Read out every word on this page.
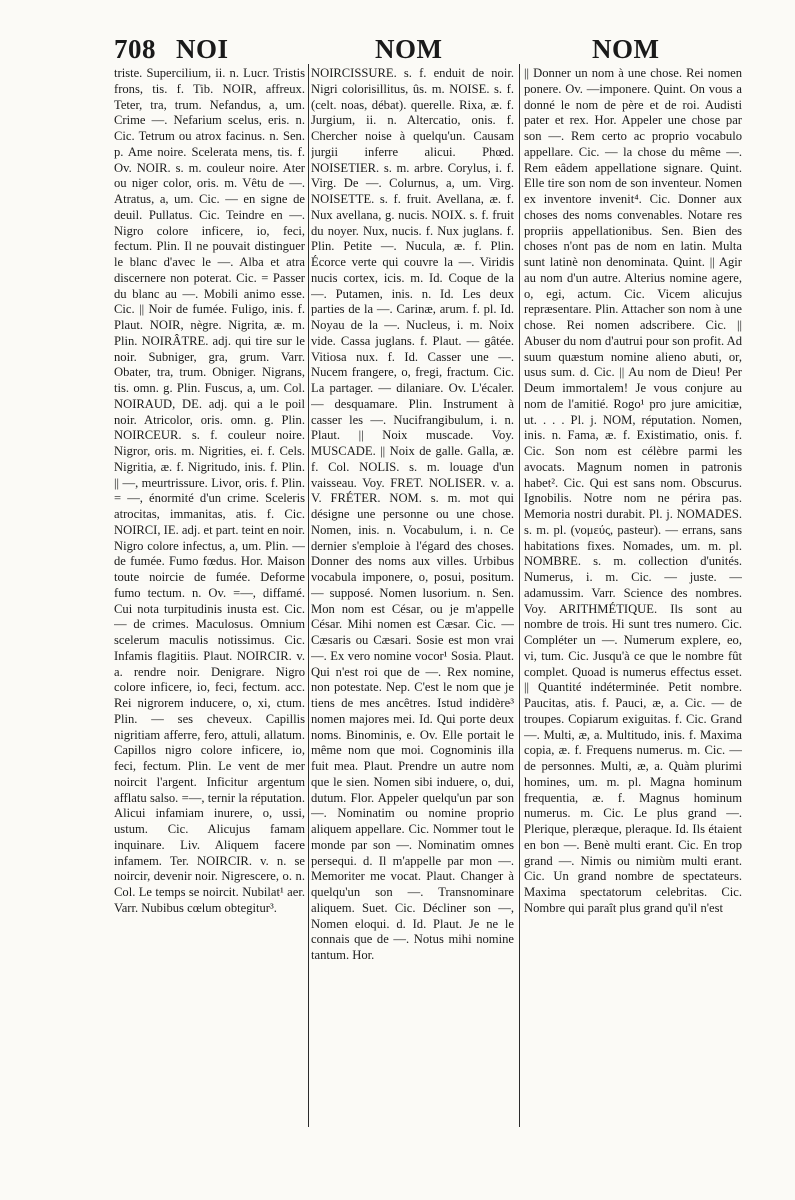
708 NOI	NOM	NOM

triste. Supercilium, ii. n. Lucr. Tristis frons, tis. f. Tib. NOIR, affreux. Teter, tra, trum. Nefandus, a, um. Crime —. Nefarium scelus, eris. n. Cic. Tetrum ou atrox facinus. n. Sen. p. Ame noire. Scelerata mens, tis. f. Ov. NOIR. s. m. couleur noire. Ater ou niger color, oris. m. Vêtu de —. Atratus, a, um. Cic. — en signe de deuil. Pullatus. Cic. Teindre en —. Nigro colore inficere, io, feci, fectum. Plin. Il ne pouvait distinguer le blanc d'avec le —. Alba et atra discernere non poterat. Cic. = Passer du blanc au —. Mobili animo esse. Cic. || Noir de fumée. Fuligo, inis. f. Plaut. NOIR, nègre. Nigrita, æ. m. Plin. NOIRÂTRE. adj. qui tire sur le noir. Subniger, gra, grum. Varr. Obater, tra, trum. Obniger. Nigrans, tis. omn. g. Plin. Fuscus, a, um. Col. NOIRAUD, DE. adj. qui a le poil noir. Atricolor, oris. omn. g. Plin. NOIRCEUR. s. f. couleur noire. Nigror, oris. m. Nigrities, ei. f. Cels. Nigritia, æ. f. Nigritudo, inis. f. Plin. || —, meurtrissure. Livor, oris. f. Plin. = —, énormité d'un crime. Sceleris atrocitas, immanitas, atis. f. Cic. NOIRCI, IE. adj. et part. teint en noir. Nigro colore infectus, a, um. Plin. — de fumée. Fumo fœdus. Hor. Maison toute noircie de fumée. Deforme fumo tectum. n. Ov. =—, diffamé. Cui nota turpitudinis inusta est. Cic. — de crimes. Maculosus. Omnium scelerum maculis notissimus. Cic. Infamis flagitiis. Plaut. NOIRCIR. v. a. rendre noir. Denigrare. Nigro colore inficere, io, feci, fectum. acc. Rei nigrorem inducere, o, xi, ctum. Plin. — ses cheveux. Capillis nigritiam afferre, fero, attuli, allatum. Capillos nigro colore inficere, io, feci, fectum. Plin. Le vent de mer noircit l'argent. Inficitur argentum afflatu salso. =—, ternir la réputation. Alicui infamiam inurere, o, ussi, ustum. Cic. Alicujus famam inquinare. Liv. Aliquem facere infamem. Ter. NOIRCIR. v. n. se noircir, devenir noir. Nigrescere, o. n. Col. Le temps se noircit. Nubilat¹ aer. Varr. Nubibus cœlum obtegitur³.

NOIRCISSURE. s. f. enduit de noir. Nigri colorisillitus, ûs. m. NOISE. s. f. (celt. noas, débat). querelle. Rixa, æ. f. Jurgium, ii. n. Altercatio, onis. f. Chercher noise à quelqu'un. Causam jurgii inferre alicui. Phœd. NOISETIER. s. m. arbre. Corylus, i. f. Virg. De —. Colurnus, a, um. Virg. NOISETTE. s. f. fruit. Avellana, æ. f. Nux avellana, g. nucis. NOIX. s. f. fruit du noyer. Nux, nucis. f. Nux juglans. f. Plin. Petite —. Nucula, æ. f. Plin. Écorce verte qui couvre la —. Viridis nucis cortex, icis. m. Id. Coque de la —. Putamen, inis. n. Id. Les deux parties de la —. Carinæ, arum. f. pl. Id. Noyau de la —. Nucleus, i. m. Noix vide. Cassa juglans. f. Plaut. — gâtée. Vitiosa nux. f. Id. Casser une —. Nucem frangere, o, fregi, fractum. Cic. La partager. — dilaniare. Ov. L'écaler. — desquamare. Plin. Instrument à casser les —. Nucifrangibulum, i. n. Plaut. || Noix muscade. Voy. MUSCADE. || Noix de galle. Galla, æ. f. Col. NOLIS. s. m. louage d'un vaisseau. Voy. FRET. NOLISER. v. a. V. FRÉTER. NOM. s. m. mot qui désigne une personne ou une chose. Nomen, inis. n. Vocabulum, i. n. Ce dernier s'emploie à l'égard des choses. Donner des noms aux villes. Urbibus vocabula imponere, o, posui, positum. — supposé. Nomen lusorium. n. Sen. Mon nom est César, ou je m'appelle César. Mihi nomen est Cæsar. Cic. — Cæsaris ou Cæsari. Sosie est mon vrai —. Ex vero nomine vocor¹ Sosia. Plaut. Qui n'est roi que de —. Rex nomine, non potestate. Nep. C'est le nom que je tiens de mes ancêtres. Istud indidère³ nomen majores mei. Id. Qui porte deux noms. Binominis, e. Ov. Elle portait le même nom que moi. Cognominis illa fuit mea. Plaut. Prendre un autre nom que le sien. Nomen sibi induere, o, dui, dutum. Flor. Appeler quelqu'un par son —. Nominatim ou nomine proprio aliquem appellare. Cic. Nommer tout le monde par son —. Nominatim omnes persequi. d. Il m'appelle par mon —. Memoriter me vocat. Plaut. Changer à quelqu'un son —. Transnominare aliquem. Suet. Cic. Décliner son —, Nomen eloqui. d. Id. Plaut. Je ne le connais que de —. Notus mihi nomine tantum. Hor.

|| Donner un nom à une chose. Rei nomen ponere. Ov. —imponere. Quint. On vous a donné le nom de père et de roi. Audisti pater et rex. Hor. Appeler une chose par son —. Rem certo ac proprio vocabulo appellare. Cic. — la chose du même —. Rem eâdem appellatione signare. Quint. Elle tire son nom de son inventeur. Nomen ex inventore invenit⁴. Cic. Donner aux choses des noms convenables. Notare res propriis appellationibus. Sen. Bien des choses n'ont pas de nom en latin. Multa sunt latinè non denominata. Quint. || Agir au nom d'un autre. Alterius nomine agere, o, egi, actum. Cic. Vicem alicujus repræsentare. Plin. Attacher son nom à une chose. Rei nomen adscribere. Cic. || Abuser du nom d'autrui pour son profit. Ad suum quæstum nomine alieno abuti, or, usus sum. d. Cic. || Au nom de Dieu! Per Deum immortalem! Je vous conjure au nom de l'amitié. Rogo¹ pro jure amicitiæ, ut. . . . Pl. j. NOM, réputation. Nomen, inis. n. Fama, æ. f. Existimatio, onis. f. Cic. Son nom est célèbre parmi les avocats. Magnum nomen in patronis habet². Cic. Qui est sans nom. Obscurus. Ignobilis. Notre nom ne périra pas. Memoria nostri durabit. Pl. j. NOMADES. s. m. pl. (νομεύς, pasteur). — errans, sans habitations fixes. Nomades, um. m. pl. NOMBRE. s. m. collection d'unités. Numerus, i. m. Cic. — juste. —adamussim. Varr. Science des nombres. Voy. ARITHMÉTIQUE. Ils sont au nombre de trois. Hi sunt tres numero. Cic. Compléter un —. Numerum explere, eo, vi, tum. Cic. Jusqu'à ce que le nombre fût complet. Quoad is numerus effectus esset. || Quantité indéterminée. Petit nombre. Paucitas, atis. f. Pauci, æ, a. Cic. — de troupes. Copiarum exiguitas. f. Cic. Grand —. Multi, æ, a. Multitudo, inis. f. Maxima copia, æ. f. Frequens numerus. m. Cic. — de personnes. Multi, æ, a. Quàm plurimi homines, um. m. pl. Magna hominum frequentia, æ. f. Magnus hominum numerus. m. Cic. Le plus grand —. Plerique, pleræque, pleraque. Id. Ils étaient en bon —. Benè multi erant. Cic. En trop grand —. Nimis ou nimiùm multi erant. Cic. Un grand nombre de spectateurs. Maxima spectatorum celebritas. Cic. Nombre qui paraît plus grand qu'il n'est
